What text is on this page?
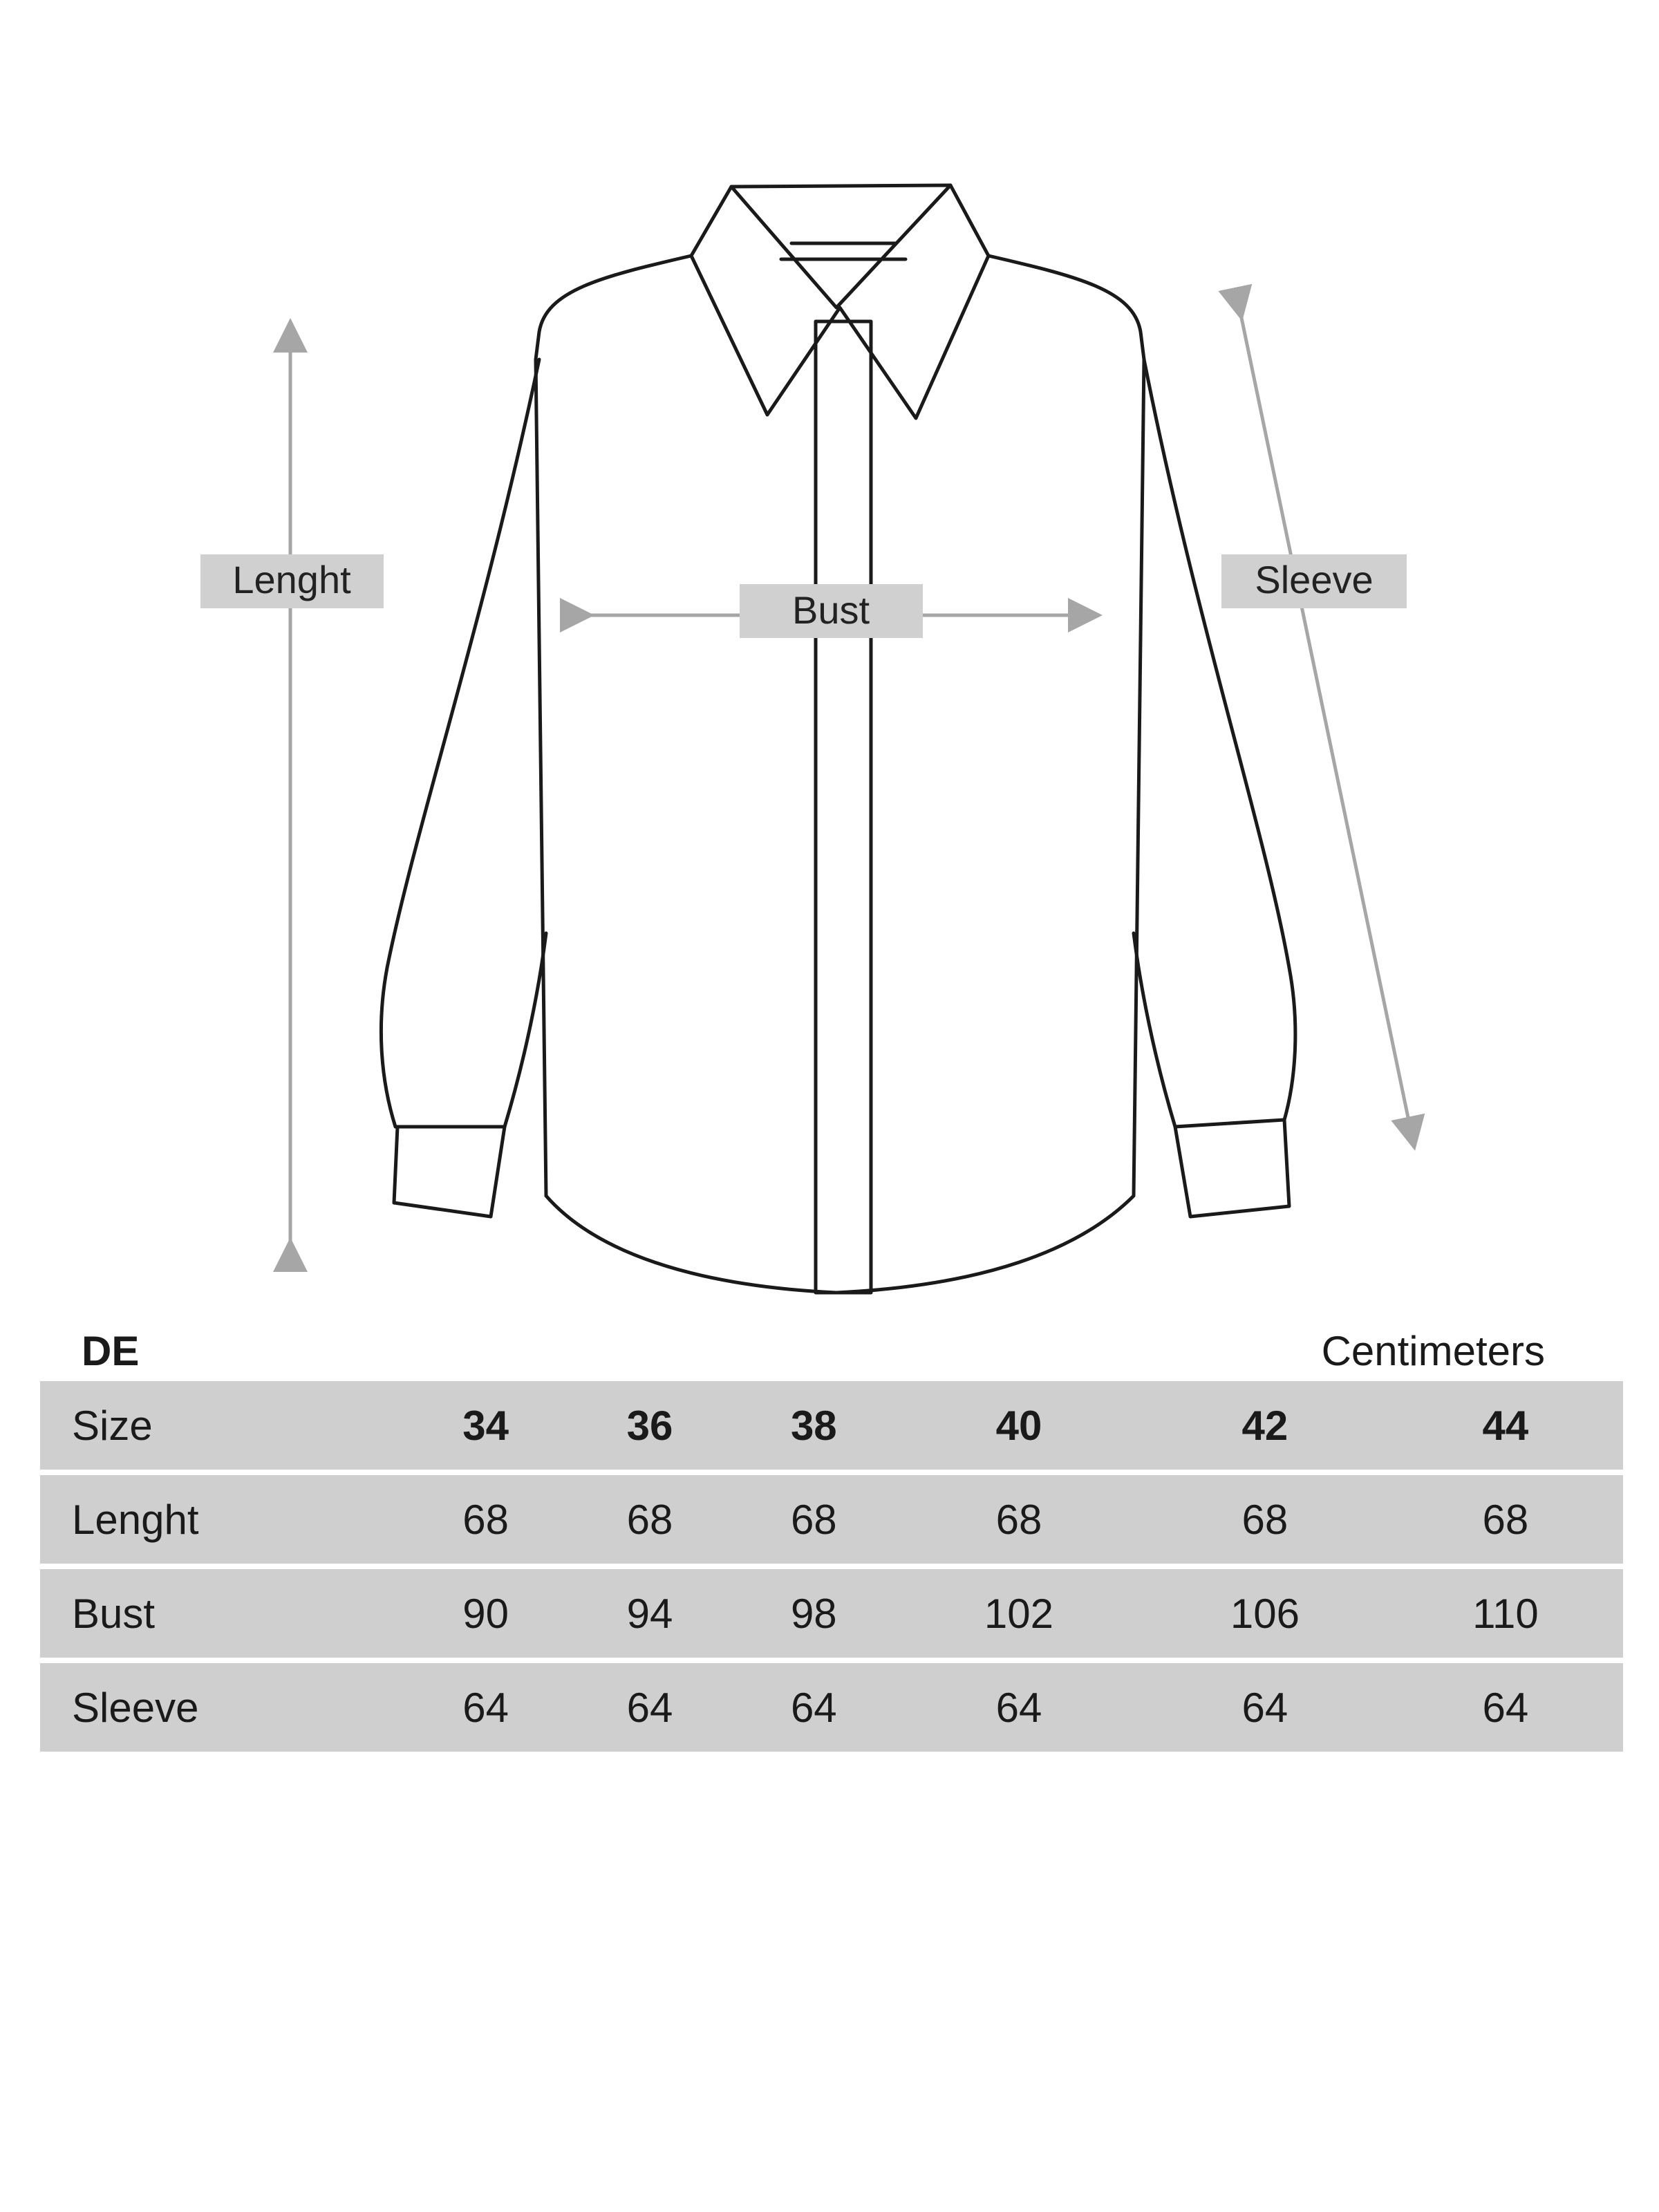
Lenght
Bust
Sleeve
DE	Centimeters
Size	34	36	38	40	42	44
Lenght	68	68	68	68	68	68
Bust	90	94	98	102	106	110
Sleeve	64	64	64	64	64	64
